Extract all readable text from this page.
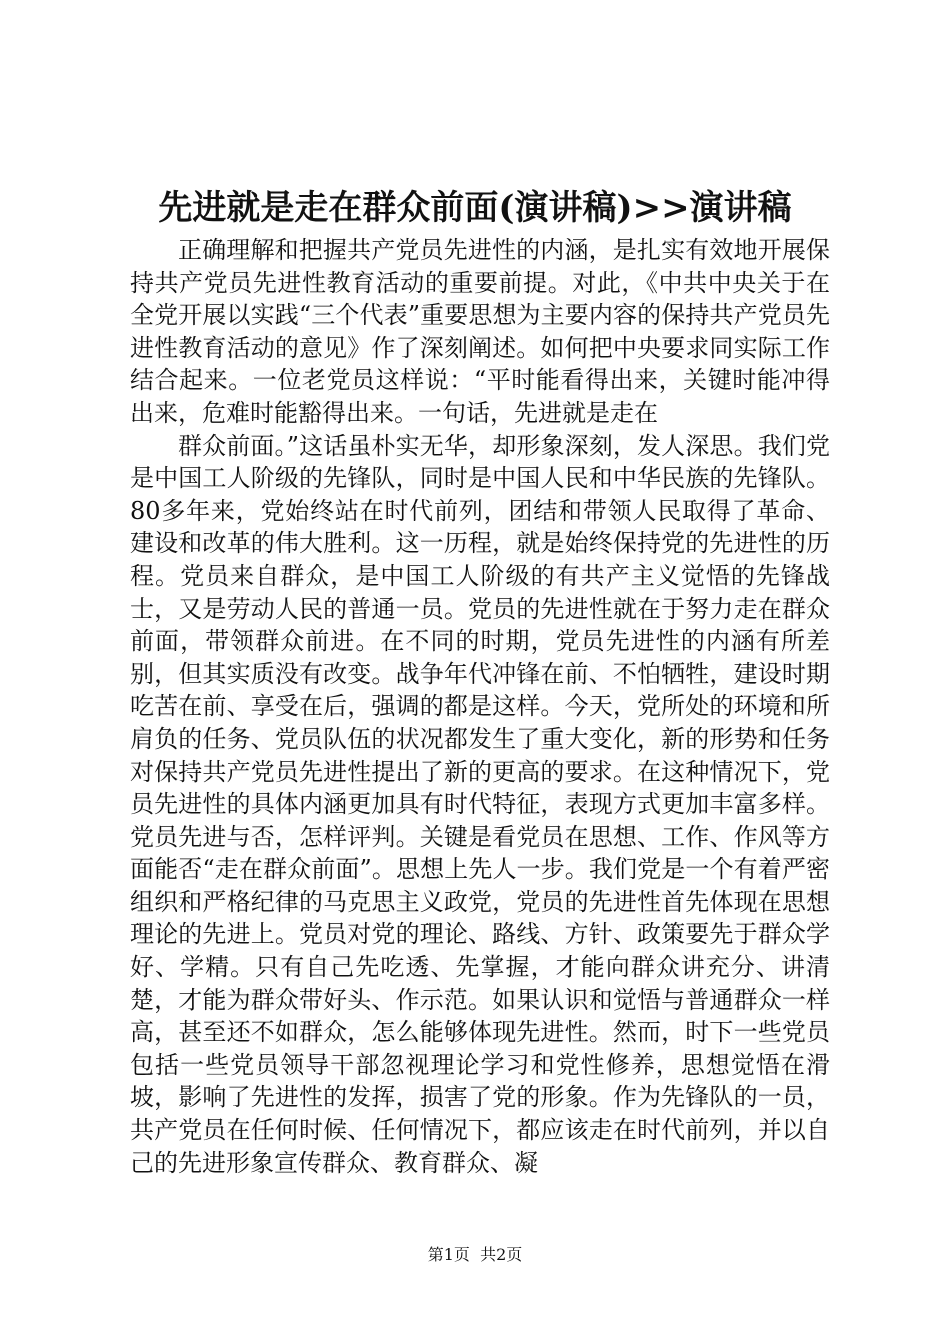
先进就是走在群众前面(演讲稿)>>演讲稿

正确理解和把握共产党员先进性的内涵，是扎实有效地开展保持共产党员先进性教育活动的重要前提。对此，《中共中央关于在全党开展以实践“三个代表”重要思想为主要内容的保持共产党员先进性教育活动的意见》作了深刻阐述。如何把中央要求同实际工作结合起来。一位老党员这样说：“平时能看得出来，关键时能冲得出来，危难时能豁得出来。一句话，先进就是走在

群众前面。”这话虽朴实无华，却形象深刻，发人深思。我们党是中国工人阶级的先锋队，同时是中国人民和中华民族的先锋队。80多年来，党始终站在时代前列，团结和带领人民取得了革命、建设和改革的伟大胜利。这一历程，就是始终保持党的先进性的历程。党员来自群众，是中国工人阶级的有共产主义觉悟的先锋战士，又是劳动人民的普通一员。党员的先进性就在于努力走在群众前面，带领群众前进。在不同的时期，党员先进性的内涵有所差别，但其实质没有改变。战争年代冲锋在前、不怕牺牲，建设时期吃苦在前、享受在后，强调的都是这样。今天，党所处的环境和所肩负的任务、党员队伍的状况都发生了重大变化，新的形势和任务对保持共产党员先进性提出了新的更高的要求。在这种情况下，党员先进性的具体内涵更加具有时代特征，表现方式更加丰富多样。党员先进与否，怎样评判。关键是看党员在思想、工作、作风等方面能否“走在群众前面”。思想上先人一步。我们党是一个有着严密组织和严格纪律的马克思主义政党，党员的先进性首先体现在思想理论的先进上。党员对党的理论、路线、方针、政策要先于群众学好、学精。只有自己先吃透、先掌握，才能向群众讲充分、讲清楚，才能为群众带好头、作示范。如果认识和觉悟与普通群众一样高，甚至还不如群众，怎么能够体现先进性。然而，时下一些党员包括一些党员领导干部忽视理论学习和党性修养，思想觉悟在滑坡，影响了先进性的发挥，损害了党的形象。作为先锋队的一员，共产党员在任何时候、任何情况下，都应该走在时代前列，并以自己的先进形象宣传群众、教育群众、凝

第1页  共2页
